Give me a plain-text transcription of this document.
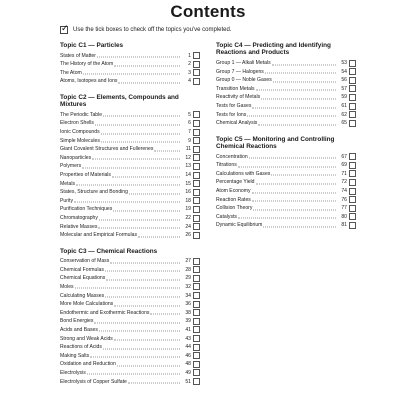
Contents
✓ Use the tick boxes to check off the topics you've completed.
Topic C1 — Particles
States of Matter	1
The History of the Atom	2
The Atom	3
Atoms, Isotopes and Ions	4
Topic C2 — Elements, Compounds and Mixtures
The Periodic Table	5
Electron Shells	6
Ionic Compounds	7
Simple Molecules	9
Giant Covalent Structures and Fullerenes	11
Nanoparticles	12
Polymers	13
Properties of Materials	14
Metals	15
States, Structure and Bonding	16
Purity	18
Purification Techniques	19
Chromatography	22
Relative Masses	24
Molecular and Empirical Formulas	26
Topic C3 — Chemical Reactions
Conservation of Mass	27
Chemical Formulas	28
Chemical Equations	29
Moles	32
Calculating Masses	34
More Mole Calculations	36
Endothermic and Exothermic Reactions	38
Bond Energies	39
Acids and Bases	41
Strong and Weak Acids	43
Reactions of Acids	44
Making Salts	46
Oxidation and Reduction	48
Electrolysis	49
Electrolysis of Copper Sulfate	51
Topic C4 — Predicting and Identifying Reactions and Products
Group 1 — Alkali Metals	53
Group 7 — Halogens	54
Group 0 — Noble Gases	56
Transition Metals	57
Reactivity of Metals	59
Tests for Gases	61
Tests for Ions	62
Chemical Analysis	65
Topic C5 — Monitoring and Controlling Chemical Reactions
Concentration	67
Titrations	69
Calculations with Gases	71
Percentage Yield	72
Atom Economy	74
Reaction Rates	76
Collision Theory	77
Catalysts	80
Dynamic Equilibrium	81
